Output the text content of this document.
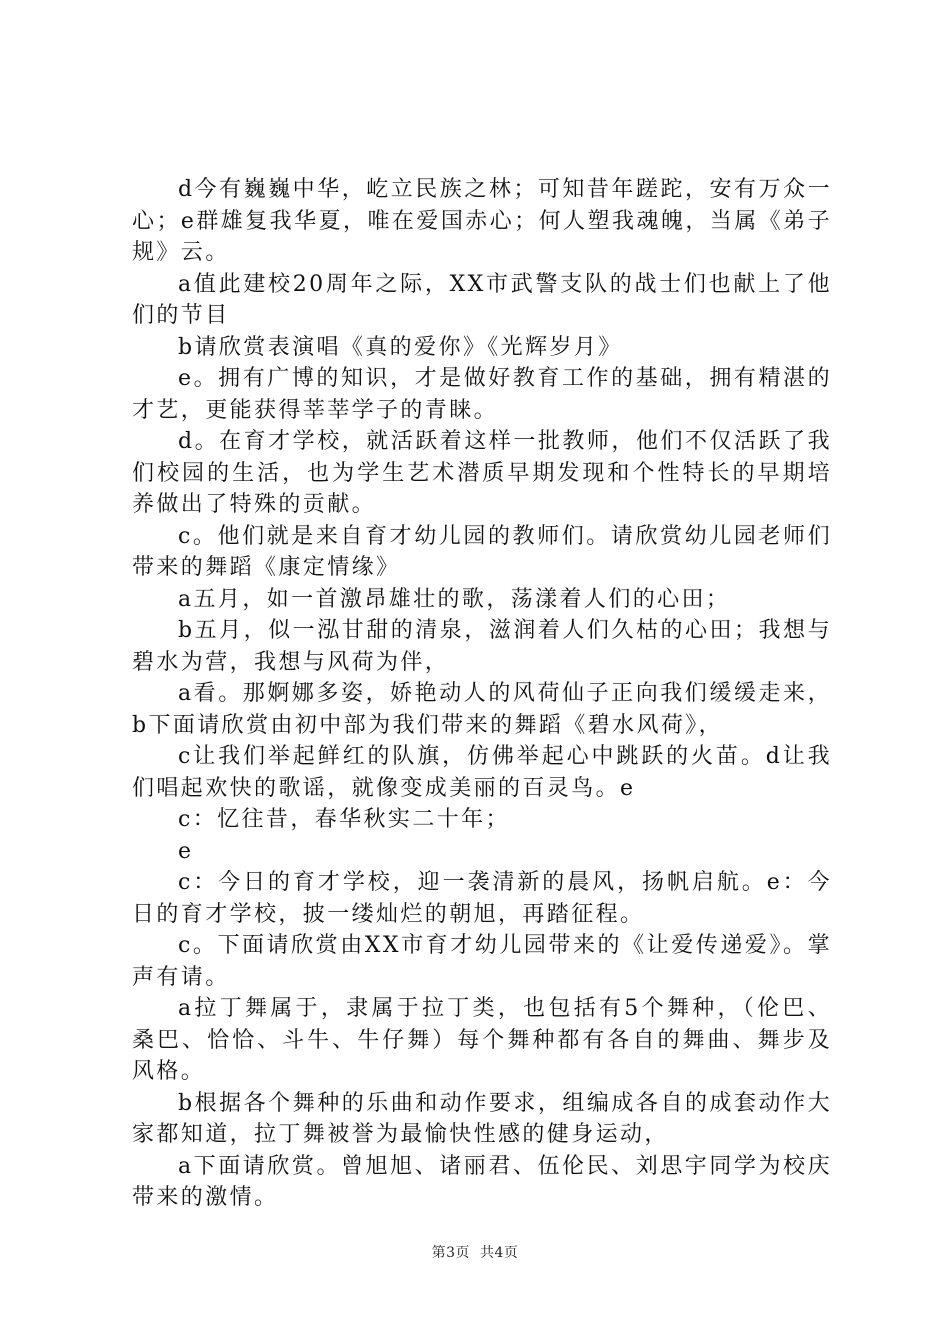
d今有巍巍中华，屹立民族之林；可知昔年蹉跎，安有万众一心；e群雄复我华夏，唯在爱国赤心；何人塑我魂魄，当属《弟子规》云。

a值此建校20周年之际，XX市武警支队的战士们也献上了他们的节目

b请欣赏表演唱《真的爱你》《光辉岁月》

e。拥有广博的知识，才是做好教育工作的基础，拥有精湛的才艺，更能获得莘莘学子的青睐。

d。在育才学校，就活跃着这样一批教师，他们不仅活跃了我们校园的生活，也为学生艺术潜质早期发现和个性特长的早期培养做出了特殊的贡献。

c。他们就是来自育才幼儿园的教师们。请欣赏幼儿园老师们带来的舞蹈《康定情缘》

a五月，如一首激昂雄壮的歌，荡漾着人们的心田；

b五月，似一泓甘甜的清泉，滋润着人们久枯的心田；我想与碧水为营，我想与风荷为伴，

a看。那婀娜多姿，娇艳动人的风荷仙子正向我们缓缓走来，b下面请欣赏由初中部为我们带来的舞蹈《碧水风荷》，

c让我们举起鲜红的队旗，仿佛举起心中跳跃的火苗。d让我们唱起欢快的歌谣，就像变成美丽的百灵鸟。e

c：忆往昔，春华秋实二十年；

e

c：今日的育才学校，迎一袭清新的晨风，扬帆启航。e：今日的育才学校，披一缕灿烂的朝旭，再踏征程。

c。下面请欣赏由XX市育才幼儿园带来的《让爱传递爱》。掌声有请。

a拉丁舞属于，隶属于拉丁类，也包括有5个舞种，（伦巴、桑巴、恰恰、斗牛、牛仔舞）每个舞种都有各自的舞曲、舞步及风格。

b根据各个舞种的乐曲和动作要求，组编成各自的成套动作大家都知道，拉丁舞被誉为最愉快性感的健身运动，

a下面请欣赏。曾旭旭、诸丽君、伍伦民、刘思宇同学为校庆带来的激情。

第3页 共4页
